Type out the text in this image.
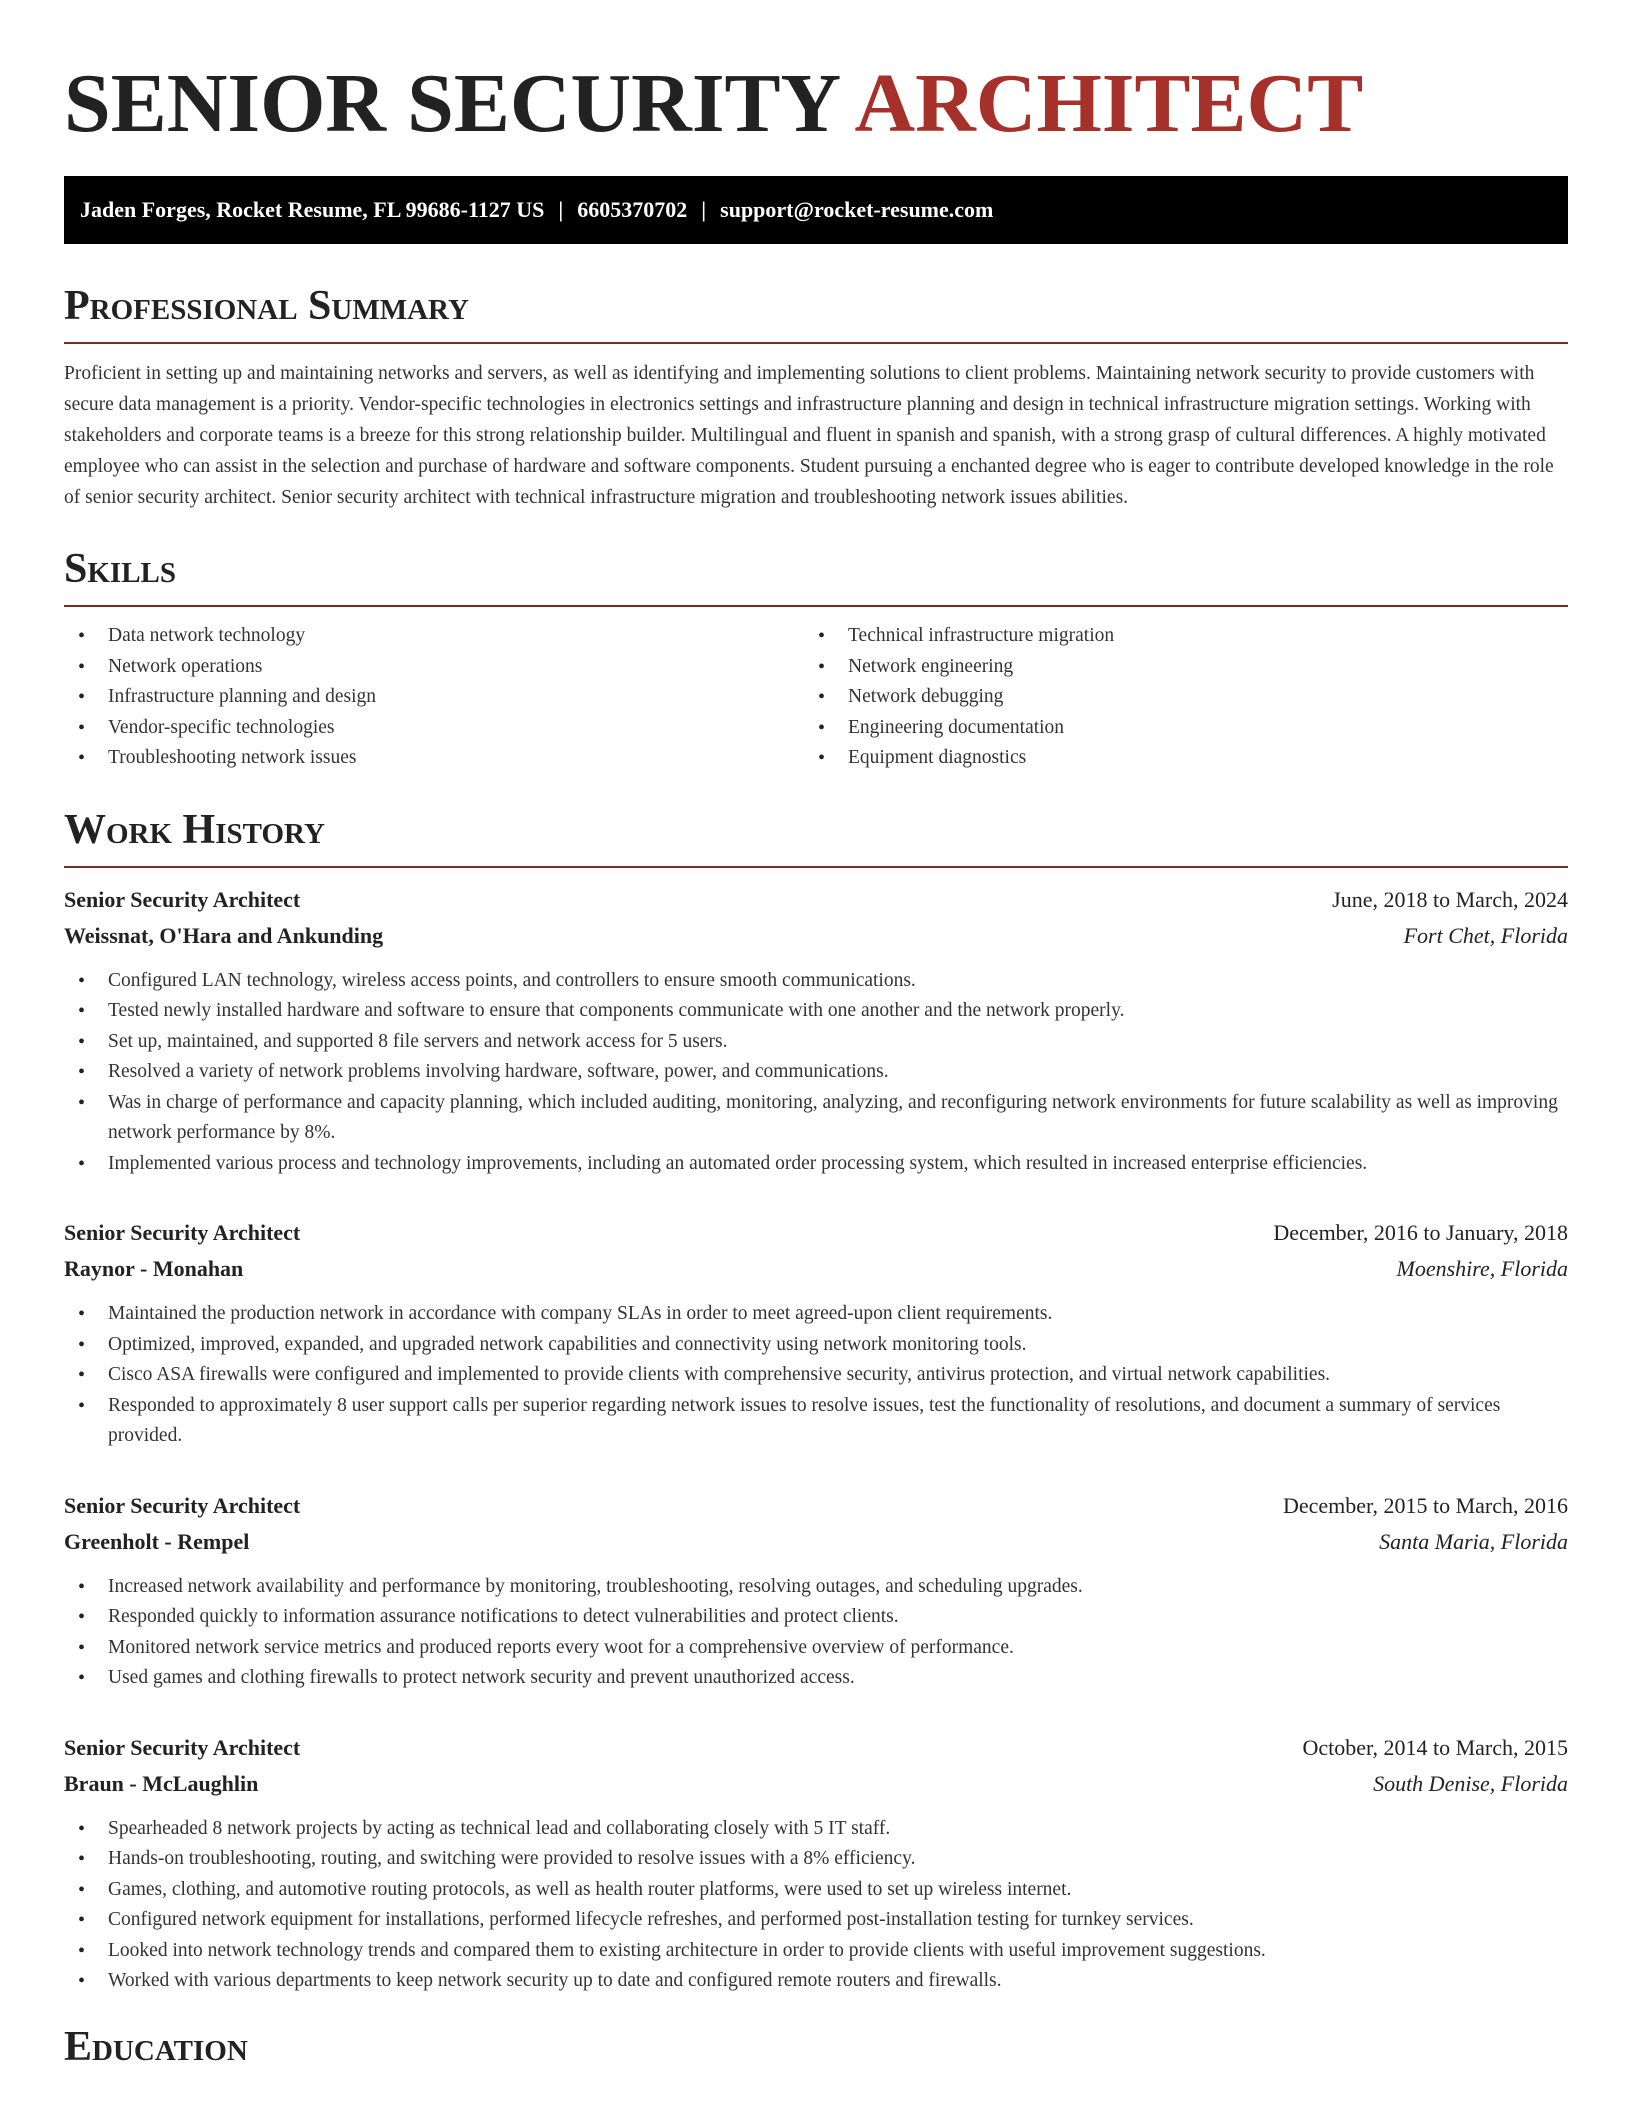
SENIOR SECURITY ARCHITECT
Jaden Forges, Rocket Resume, FL 99686-1127 US | 6605370702 | support@rocket-resume.com
Professional Summary

Proficient in setting up and maintaining networks and servers, as well as identifying and implementing solutions to client problems. Maintaining network security to provide customers with secure data management is a priority. Vendor-specific technologies in electronics settings and infrastructure planning and design in technical infrastructure migration settings. Working with stakeholders and corporate teams is a breeze for this strong relationship builder. Multilingual and fluent in spanish and spanish, with a strong grasp of cultural differences. A highly motivated employee who can assist in the selection and purchase of hardware and software components. Student pursuing a enchanted degree who is eager to contribute developed knowledge in the role of senior security architect. Senior security architect with technical infrastructure migration and troubleshooting network issues abilities.

Skills
• Data network technology
• Network operations
• Infrastructure planning and design
• Vendor-specific technologies
• Troubleshooting network issues
• Technical infrastructure migration
• Network engineering
• Network debugging
• Engineering documentation
• Equipment diagnostics
Work History
Senior Security Architect	June, 2018 to March, 2024
Weissnat, O'Hara and Ankunding	Fort Chet, Florida
• Configured LAN technology, wireless access points, and controllers to ensure smooth communications.
• Tested newly installed hardware and software to ensure that components communicate with one another and the network properly.
• Set up, maintained, and supported 8 file servers and network access for 5 users.
• Resolved a variety of network problems involving hardware, software, power, and communications.
• Was in charge of performance and capacity planning, which included auditing, monitoring, analyzing, and reconfiguring network environments for future scalability as well as improving network performance by 8%.
• Implemented various process and technology improvements, including an automated order processing system, which resulted in increased enterprise efficiencies.
Senior Security Architect	December, 2016 to January, 2018
Raynor - Monahan	Moenshire, Florida
• Maintained the production network in accordance with company SLAs in order to meet agreed-upon client requirements.
• Optimized, improved, expanded, and upgraded network capabilities and connectivity using network monitoring tools.
• Cisco ASA firewalls were configured and implemented to provide clients with comprehensive security, antivirus protection, and virtual network capabilities.
• Responded to approximately 8 user support calls per superior regarding network issues to resolve issues, test the functionality of resolutions, and document a summary of services provided.
Senior Security Architect	December, 2015 to March, 2016
Greenholt - Rempel	Santa Maria, Florida
• Increased network availability and performance by monitoring, troubleshooting, resolving outages, and scheduling upgrades.
• Responded quickly to information assurance notifications to detect vulnerabilities and protect clients.
• Monitored network service metrics and produced reports every woot for a comprehensive overview of performance.
• Used games and clothing firewalls to protect network security and prevent unauthorized access.
Senior Security Architect	October, 2014 to March, 2015
Braun - McLaughlin	South Denise, Florida
• Spearheaded 8 network projects by acting as technical lead and collaborating closely with 5 IT staff.
• Hands-on troubleshooting, routing, and switching were provided to resolve issues with a 8% efficiency.
• Games, clothing, and automotive routing protocols, as well as health router platforms, were used to set up wireless internet.
• Configured network equipment for installations, performed lifecycle refreshes, and performed post-installation testing for turnkey services.
• Looked into network technology trends and compared them to existing architecture in order to provide clients with useful improvement suggestions.
• Worked with various departments to keep network security up to date and configured remote routers and firewalls.
Education
